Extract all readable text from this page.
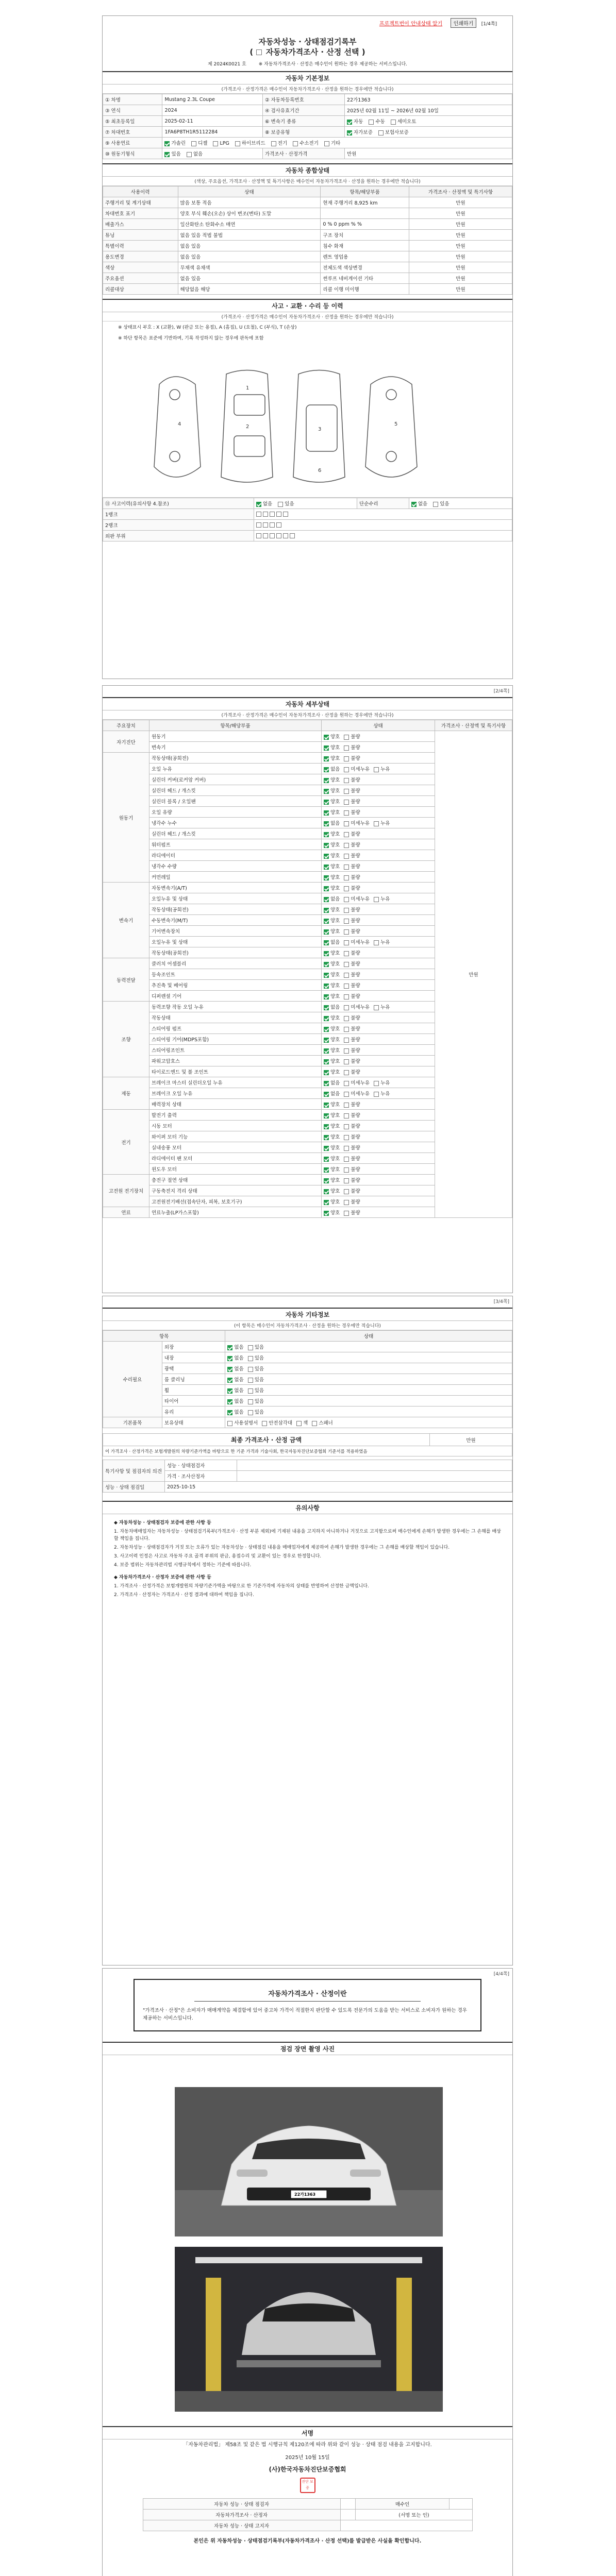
프로젝트번이 안내상태 알기 인쇄하기 [1/4쪽]
자동차성능 · 상태점검기록부
( 자동차가격조사 · 산정 선택 )
제 2024K0021 호	※ 자동차가격조사 · 산정은 매수인이 원하는 경우 제공하는 서비스입니다.
자동차 기본정보
(가격조사 · 산정가격은 매수인이 자동차가격조사 · 산정을 원하는 경우에만 적습니다)
① 차명	Mustang 2.3L Coupe	② 자동차등록번호	22가1363
③ 연식	2024	④ 검사유효기간	2025년 02월 11일 ~ 2026년 02월 10일
⑤ 최초등록일	2025-02-11	⑥ 변속기 종류	자동 수동 세미오토
⑦ 차대번호	1FA6P8TH1R5112284	⑧ 보증유형	자가보증 보험사보증
⑨ 사용연료	가솔린 디젤 LPG 하이브리드 전기 수소전기 기타		
⑩ 원동기형식	있음 없음	가격조사 · 산정가격	만원
자동차 종합상태
(색상, 주요옵션, 가격조사 · 산정액 및 특기사항은 매수인이 자동차가격조사 · 산정을 원하는 경우에만 적습니다)
사용이력	상태	항목/해당부품	가격조사 · 산정액 및 특기사항
주행거리 및 계기상태	많음 보통 적음	현재 주행거리 8,925 km	만원
차대번호 표기	양호 부식 훼손(오손) 상이 변조(변타) 도말		만원
배출가스	일산화탄소 탄화수소 매연	0 % 0 ppm % %	만원
튜닝	없음 있음 적법 불법	구조 장치	만원
특별이력	없음 있음	침수 화재	만원
용도변경	없음 있음	렌트 영업용	만원
색상	무채색 유채색	전체도색 색상변경	만원
주요옵션	없음 있음	썬루프 네비게이션 기타	만원
리콜대상	해당없음 해당	리콜 이행 미이행	만원
사고 · 교환 · 수리 등 이력
(가격조사 · 산정가격은 매수인이 자동차가격조사 · 산정을 원하는 경우에만 적습니다)
※ 상태표시 부호 : X (교환), W (판금 또는 용접), A (흠집), U (요철), C (부식), T (손상)
※ 하단 항목은 표준에 기반하며, 기록 작성하지 않는 경우에 판독에 포함
1
2	3
4	5
6
⑪ 사고이력(유의사항 4.참조)	없음 있음	단순수리	없음 있음
1랭크			
2랭크			
외판 부위			
[2/4쪽]
자동차 세부상태
(가격조사 · 산정가격은 매수인이 자동차가격조사 · 산정을 원하는 경우에만 적습니다)
주요장치	항목/해당부품	상태	가격조사 · 산정액 및 특기사항
자기진단	원동기	양호 불량	만원
	변속기	양호 불량	
원동기	작동상태(공회전)	양호 불량	
	오일 누유	없음 미세누유 누유	
	실린더 커버(로커암 커버)	양호 불량	
	실린더 헤드 / 개스킷	양호 불량	
	실린더 블록 / 오일팬	양호 불량	
	오일 유량	양호 불량	
	냉각수 누수	없음 미세누유 누유	
	실린더 헤드 / 개스킷	양호 불량	
	워터펌프	양호 불량	
	라디에이터	양호 불량	
	냉각수 수량	양호 불량	
	커먼레일	양호 불량	
변속기	자동변속기(A/T)	양호 불량	
	오일누유 및 상태	없음 미세누유 누유	
	작동상태(공회전)	양호 불량	
	수동변속기(M/T)	양호 불량	
	기어변속장치	양호 불량	
	오일누유 및 상태	없음 미세누유 누유	
	작동상태(공회전)	양호 불량	
동력전달	클러치 어셈블리	양호 불량	
	등속조인트	양호 불량	
	추진축 및 베어링	양호 불량	
	디퍼렌셜 기어	양호 불량	
조향	동력조향 작동 오일 누유	없음 미세누유 누유	
	작동상태	양호 불량	
	스티어링 펌프	양호 불량	
	스티어링 기어(MDPS포함)	양호 불량	
	스티어링조인트	양호 불량	
	파워고압호스	양호 불량	
	타이로드엔드 및 볼 조인트	양호 불량	
제동	브레이크 마스터 실린더오일 누유	없음 미세누유 누유	
	브레이크 오일 누유	없음 미세누유 누유	
	배력장치 상태	양호 불량	
전기	발전기 출력	양호 불량	
	시동 모터	양호 불량	
	와이퍼 모터 기능	양호 불량	
	실내송풍 모터	양호 불량	
	라디에이터 팬 모터	양호 불량	
	윈도우 모터	양호 불량	
고전원 전기장치	충전구 절연 상태	양호 불량	
	구동축전지 격리 상태	양호 불량	
	고전원전기배선(접속단자, 피복, 보호기구)	양호 불량	
연료	연료누출(LP가스포함)	양호 불량	
[3/4쪽]
자동차 기타정보
(이 항목은 매수인이 자동차가격조사 · 산정을 원하는 경우에만 적습니다)
항목		상태
수리필요	외장	없음 있음
	내장	없음 있음
	광택	없음 있음
	룸 클리닝	없음 있음
	휠	없음 있음
	타이어	없음 있음
	유리	없음 있음
기본품목	보유상태	사용설명서 안전삼각대 잭 스패너
최종 가격조사 · 산정 금액	만원
이 가격조사 · 산정가격은 보험개발원의 차량기준가액을 바탕으로 한 기준 가격과 기술사회, 한국자동차진단보증협회 기준서를 적용하였음
특기사항 및 점검자의 의견	성능 · 상태점검자	
	가격 · 조사산정자	
성능 · 상태 점검일	2025-10-15	
유의사항

◆ 자동차성능 · 상태점검자 보증에 관한 사항 등

1. 자동차매매업자는 자동차성능 · 상태점검기록부(가격조사 · 산정 부분 제외)에 기재된 내용을 고지하지 아니하거나 거짓으로 고지함으로써 매수인에게 손해가 발생한 경우에는 그 손해를 배상할 책임을 집니다.

2. 자동차성능 · 상태점검자가 거짓 또는 오류가 있는 자동차성능 · 상태점검 내용을 매매업자에게 제공하여 손해가 발생한 경우에는 그 손해를 배상할 책임이 있습니다.

3. 사고이력 인정은 사고로 자동차 주요 골격 부위의 판금, 용접수리 및 교환이 있는 경우로 한정합니다.

4. 보증 범위는 자동차관리법 시행규칙에서 정하는 기준에 따릅니다.

◆ 자동차가격조사 · 산정자 보증에 관한 사항 등

1. 가격조사 · 산정가격은 보험개발원의 차량기준가액을 바탕으로 한 기준가격에 자동차의 상태를 반영하여 산정한 금액입니다.

2. 가격조사 · 산정자는 가격조사 · 산정 결과에 대하여 책임을 집니다.

[4/4쪽]
자동차가격조사 · 산정이란
"가격조사 · 산정"은 소비자가 매매계약을 체결함에 있어 중고차 가격이 적절한지 판단할 수 있도록 전문가의 도움을 받는 서비스로 소비자가 원하는 경우 제공하는 서비스입니다.
점검 장면 촬영 사진
22가1363
서명

「자동차관리법」 제58조 및 같은 법 시행규칙 제120조에 따라 위와 같이 성능 · 상태 점검 내용을 고지합니다.

2025년 10월 15일

(사)한국자동차진단보증협회

진단 보증
자동차 성능 · 상태 점검자		매수인	
자동차가격조사 · 산정자		(서명 또는 인)	
자동차 성능 · 상태 고지자			

본인은 위 자동차성능 · 상태점검기록부(자동차가격조사 · 산정 선택)를 발급받은 사실을 확인합니다.
